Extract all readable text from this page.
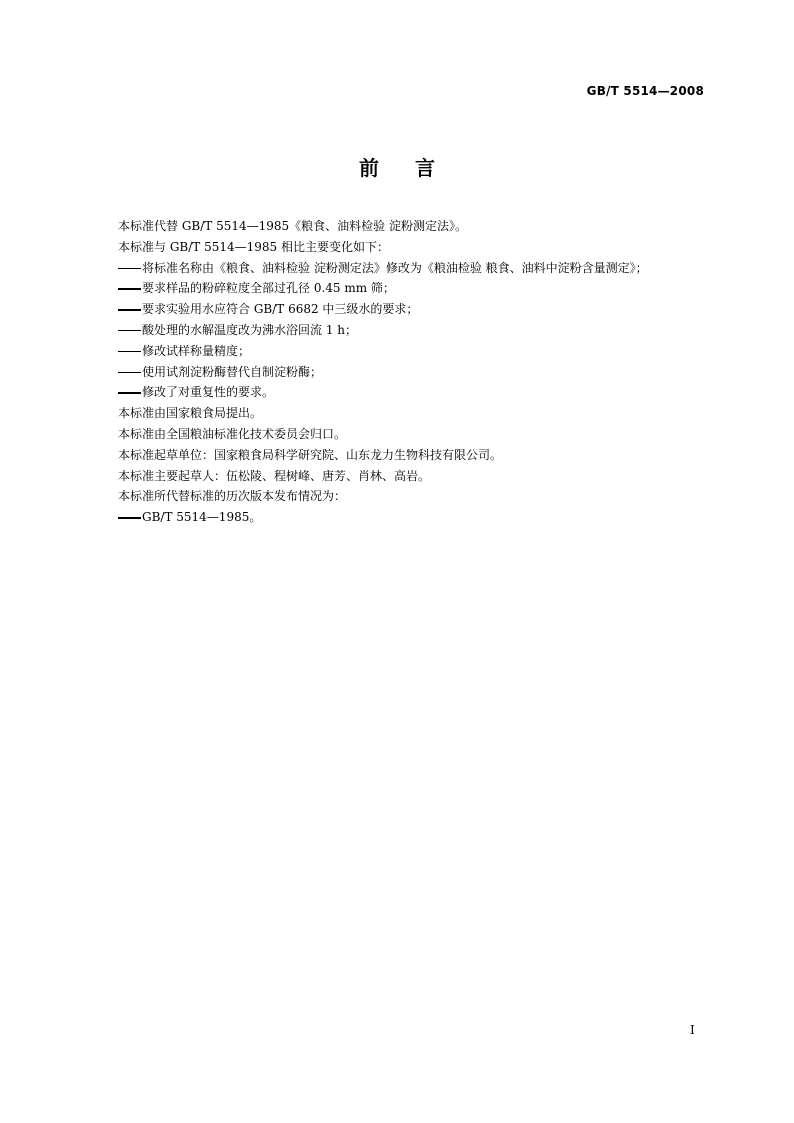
GB/T 5514—2008
前言

本标准代替 GB/T 5514—1985《粮食、油料检验 淀粉测定法》。

本标准与 GB/T 5514—1985 相比主要变化如下：

将标准名称由《粮食、油料检验 淀粉测定法》修改为《粮油检验 粮食、油料中淀粉含量测定》；
要求样品的粉碎粒度全部过孔径 0.45 mm 筛；
要求实验用水应符合 GB/T 6682 中三级水的要求；
酸处理的水解温度改为沸水浴回流 1 h；
修改试样称量精度；
使用试剂淀粉酶替代自制淀粉酶；
修改了对重复性的要求。

本标准由国家粮食局提出。

本标准由全国粮油标准化技术委员会归口。

本标准起草单位：国家粮食局科学研究院、山东龙力生物科技有限公司。

本标准主要起草人：伍松陵、程树峰、唐芳、肖林、高岩。

本标准所代替标准的历次版本发布情况为：

GB/T 5514—1985。
I
